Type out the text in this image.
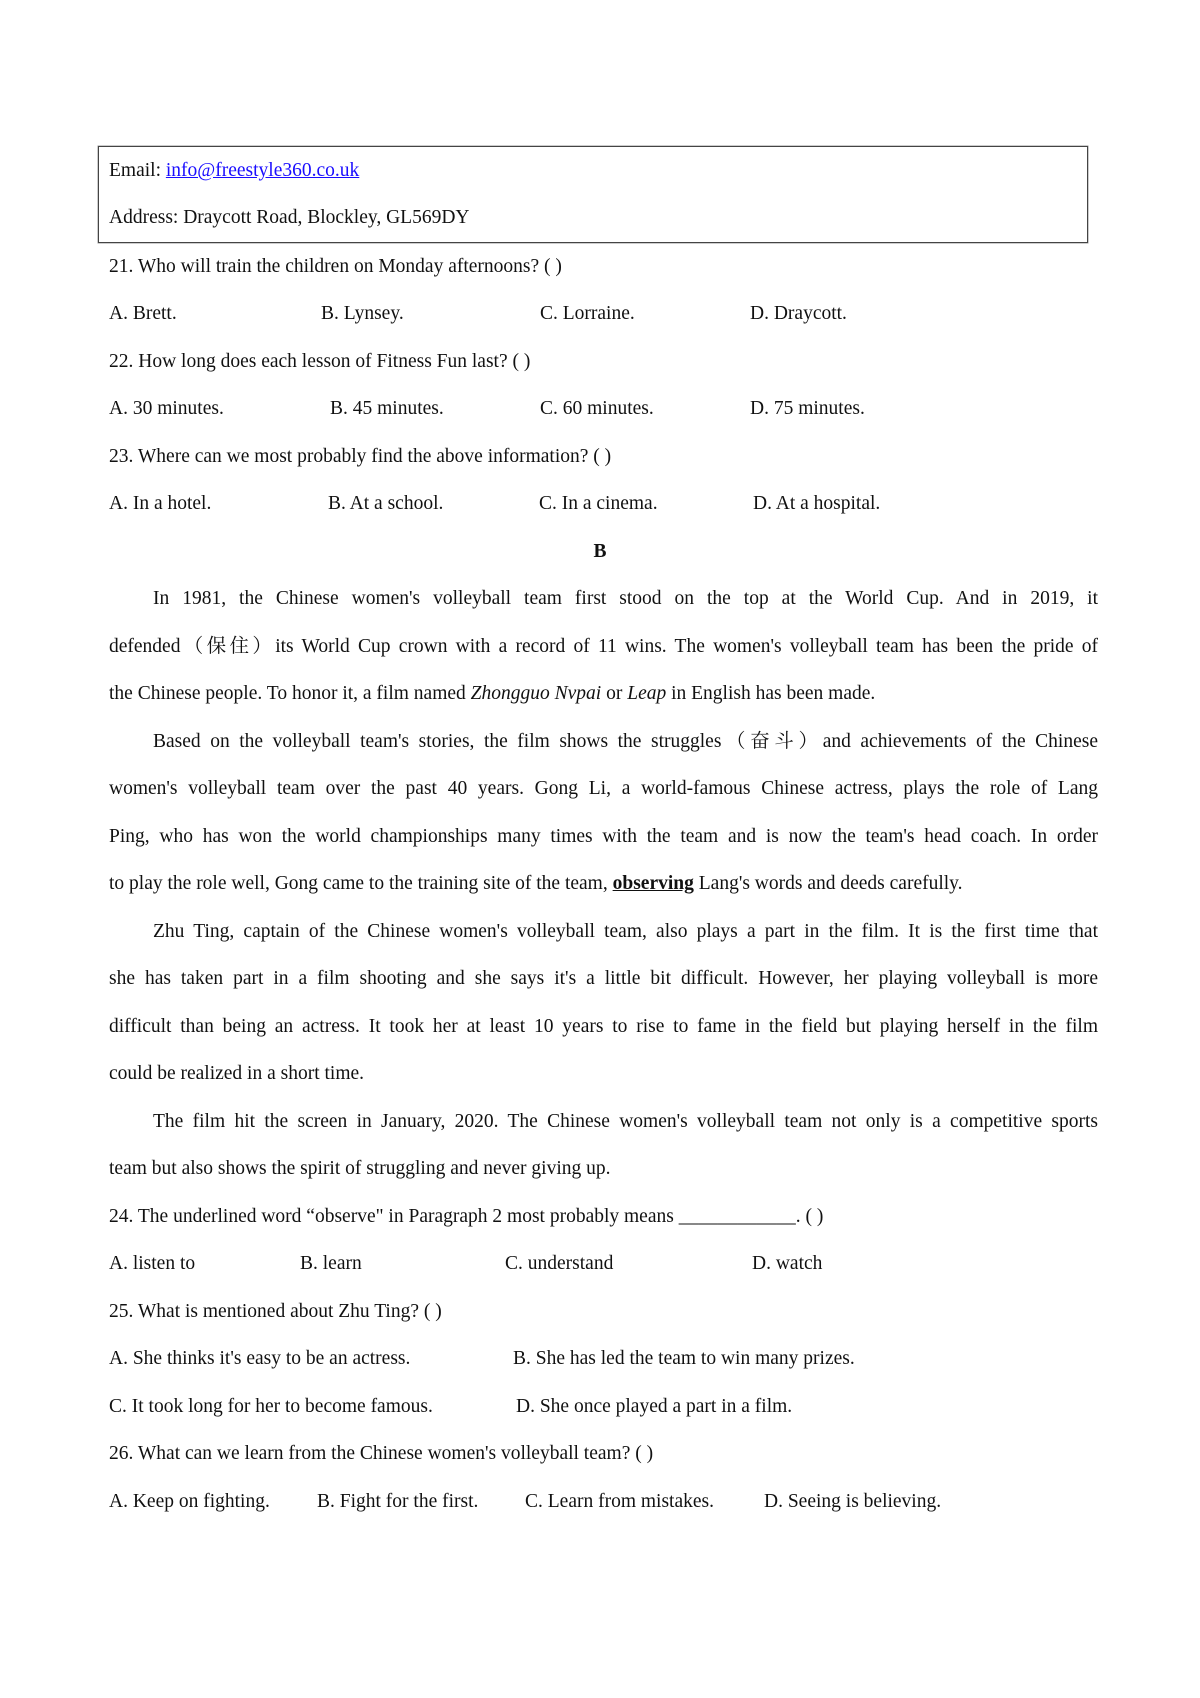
Email: info@freestyle360.co.uk
Address: Draycott Road, Blockley, GL569DY
21. Who will train the children on Monday afternoons? ( )
A. Brett.	B. Lynsey.	C. Lorraine.	D. Draycott.
22. How long does each lesson of Fitness Fun last? ( )
A. 30 minutes.	B. 45 minutes.	C. 60 minutes.	D. 75 minutes.
23. Where can we most probably find the above information? ( )
A. In a hotel.	B. At a school.	C. In a cinema.	D. At a hospital.
B
In 1981, the Chinese women's volleyball team first stood on the top at the World Cup. And in 2019, it
defended（保住）its World Cup crown with a record of 11 wins. The women's volleyball team has been the pride of
the Chinese people. To honor it, a film named Zhongguo Nvpai or Leap in English has been made.
Based on the volleyball team's stories, the film shows the struggles（奋斗）and achievements of the Chinese
women's volleyball team over the past 40 years. Gong Li, a world-famous Chinese actress, plays the role of Lang
Ping, who has won the world championships many times with the team and is now the team's head coach. In order
to play the role well, Gong came to the training site of the team, observing Lang's words and deeds carefully.
Zhu Ting, captain of the Chinese women's volleyball team, also plays a part in the film. It is the first time that
she has taken part in a film shooting and she says it's a little bit difficult. However, her playing volleyball is more
difficult than being an actress. It took her at least 10 years to rise to fame in the field but playing herself in the film
could be realized in a short time.
The film hit the screen in January, 2020. The Chinese women's volleyball team not only is a competitive sports
team but also shows the spirit of struggling and never giving up.
24. The underlined word “observe" in Paragraph 2 most probably means ____________. ( )
A. listen to	B. learn	C. understand	D. watch
25. What is mentioned about Zhu Ting? ( )
A. She thinks it's easy to be an actress.	B. She has led the team to win many prizes.
C. It took long for her to become famous.	D. She once played a part in a film.
26. What can we learn from the Chinese women's volleyball team? ( )
A. Keep on fighting. B. Fight for the first. C. Learn from mistakes.	D. Seeing is believing.
